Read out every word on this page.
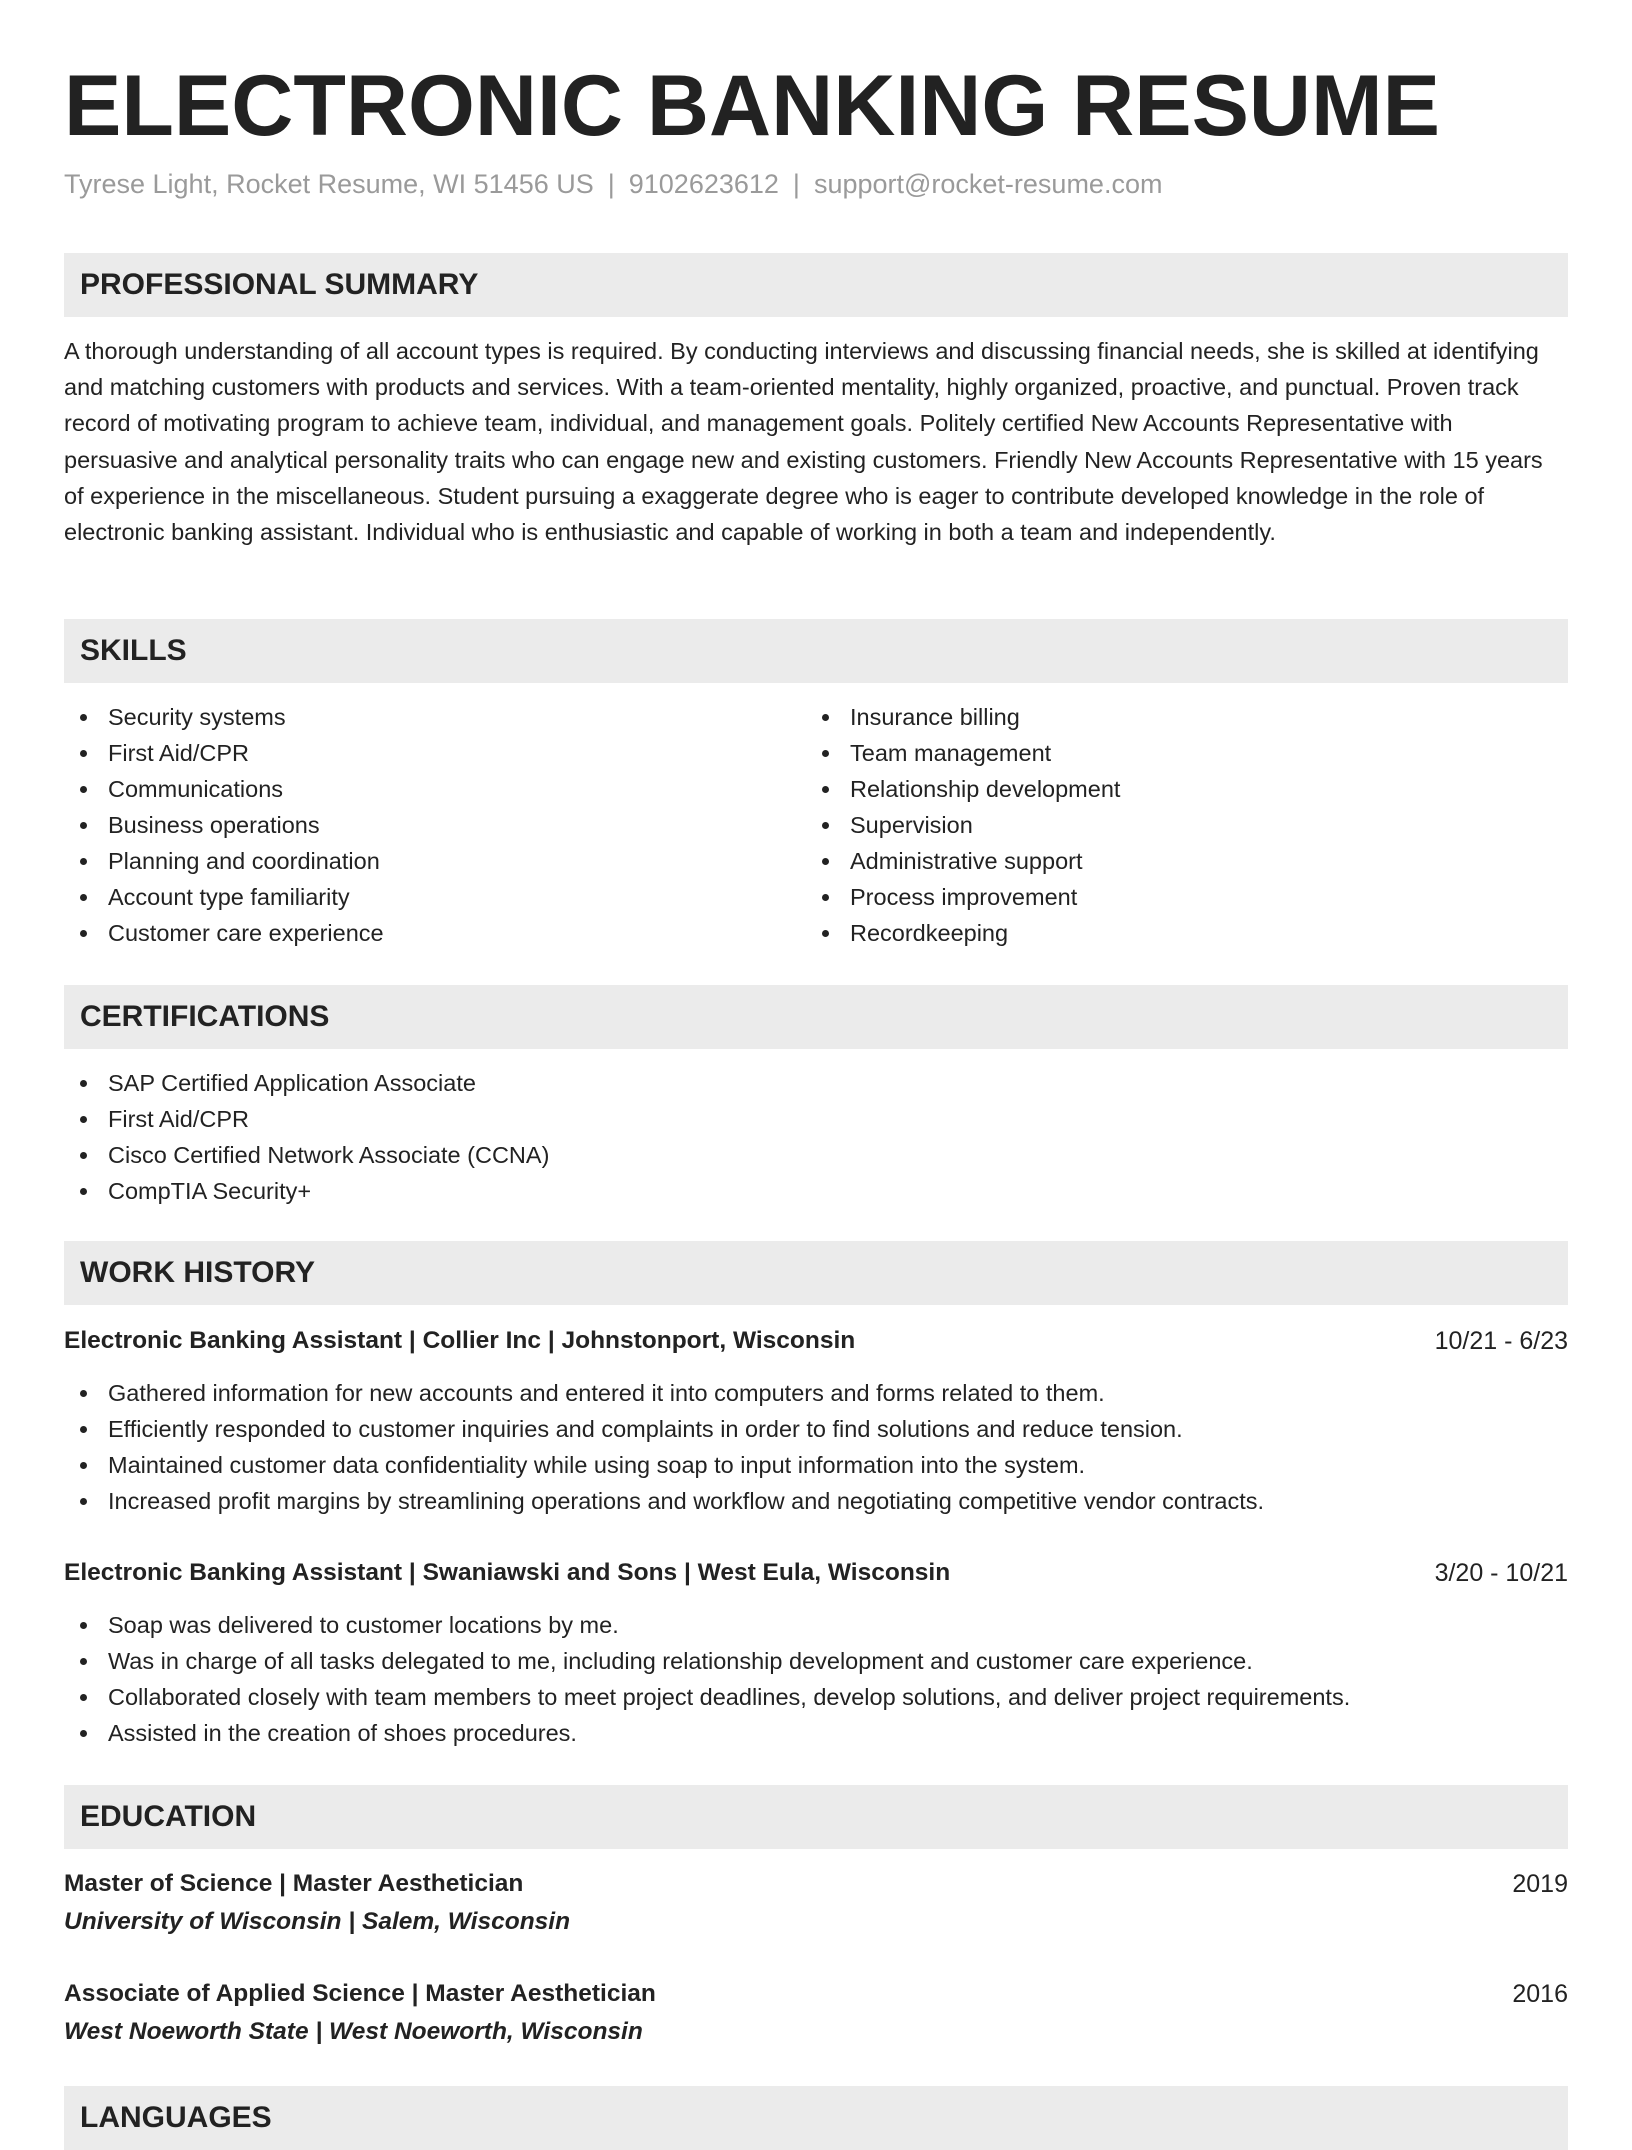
ELECTRONIC BANKING RESUME
Tyrese Light, Rocket Resume, WI 51456 US | 9102623612 | support@rocket-resume.com
PROFESSIONAL SUMMARY

A thorough understanding of all account types is required. By conducting interviews and discussing financial needs, she is skilled at identifying and matching customers with products and services. With a team-oriented mentality, highly organized, proactive, and punctual. Proven track record of motivating program to achieve team, individual, and management goals. Politely certified New Accounts Representative with persuasive and analytical personality traits who can engage new and existing customers. Friendly New Accounts Representative with 15 years of experience in the miscellaneous. Student pursuing a exaggerate degree who is eager to contribute developed knowledge in the role of electronic banking assistant. Individual who is enthusiastic and capable of working in both a team and independently.

SKILLS
Security systems
First Aid/CPR
Communications
Business operations
Planning and coordination
Account type familiarity
Customer care experience
Insurance billing
Team management
Relationship development
Supervision
Administrative support
Process improvement
Recordkeeping
CERTIFICATIONS
SAP Certified Application Associate
First Aid/CPR
Cisco Certified Network Associate (CCNA)
CompTIA Security+
WORK HISTORY
Electronic Banking Assistant | Collier Inc | Johnstonport, Wisconsin	10/21 - 6/23
Gathered information for new accounts and entered it into computers and forms related to them.
Efficiently responded to customer inquiries and complaints in order to find solutions and reduce tension.
Maintained customer data confidentiality while using soap to input information into the system.
Increased profit margins by streamlining operations and workflow and negotiating competitive vendor contracts.
Electronic Banking Assistant | Swaniawski and Sons | West Eula, Wisconsin	3/20 - 10/21
Soap was delivered to customer locations by me.
Was in charge of all tasks delegated to me, including relationship development and customer care experience.
Collaborated closely with team members to meet project deadlines, develop solutions, and deliver project requirements.
Assisted in the creation of shoes procedures.
EDUCATION
Master of Science | Master Aesthetician	2019
University of Wisconsin | Salem, Wisconsin
Associate of Applied Science | Master Aesthetician	2016
West Noeworth State | West Noeworth, Wisconsin
LANGUAGES
